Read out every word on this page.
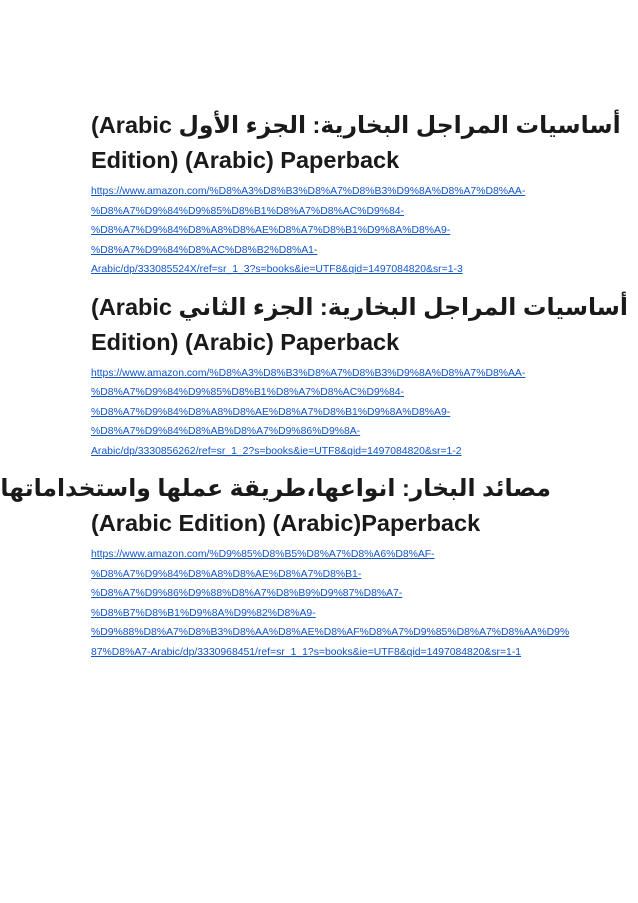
(Arabic أساسيات المراجل البخارية: الجزء الأول
Edition) (Arabic) Paperback
https://www.amazon.com/%D8%A3%D8%B3%D8%A7%D8%B3%D9%8A%D8%A7%D8%AA-
%D8%A7%D9%84%D9%85%D8%B1%D8%A7%D8%AC%D9%84-
%D8%A7%D9%84%D8%A8%D8%AE%D8%A7%D8%B1%D9%8A%D8%A9-
%D8%A7%D9%84%D8%AC%D8%B2%D8%A1-
Arabic/dp/333085524X/ref=sr_1_3?s=books&ie=UTF8&qid=1497084820&sr=1-3
(Arabic أساسيات المراجل البخارية: الجزء الثاني
Edition) (Arabic) Paperback
https://www.amazon.com/%D8%A3%D8%B3%D8%A7%D8%B3%D9%8A%D8%A7%D8%AA-
%D8%A7%D9%84%D9%85%D8%B1%D8%A7%D8%AC%D9%84-
%D8%A7%D9%84%D8%A8%D8%AE%D8%A7%D8%B1%D9%8A%D8%A9-
%D8%A7%D9%84%D8%AB%D8%A7%D9%86%D9%8A-
Arabic/dp/3330856262/ref=sr_1_2?s=books&ie=UTF8&qid=1497084820&sr=1-2
مصائد البخار: انواعها،طريقة عملها واستخداماتها
(Arabic Edition) (Arabic)Paperback
https://www.amazon.com/%D9%85%D8%B5%D8%A7%D8%A6%D8%AF-
%D8%A7%D9%84%D8%A8%D8%AE%D8%A7%D8%B1-
%D8%A7%D9%86%D9%88%D8%A7%D8%B9%D9%87%D8%A7-
%D8%B7%D8%B1%D9%8A%D9%82%D8%A9-
%D9%88%D8%A7%D8%B3%D8%AA%D8%AE%D8%AF%D8%A7%D9%85%D8%A7%D8%AA%D9%
87%D8%A7-Arabic/dp/3330968451/ref=sr_1_1?s=books&ie=UTF8&qid=1497084820&sr=1-1
